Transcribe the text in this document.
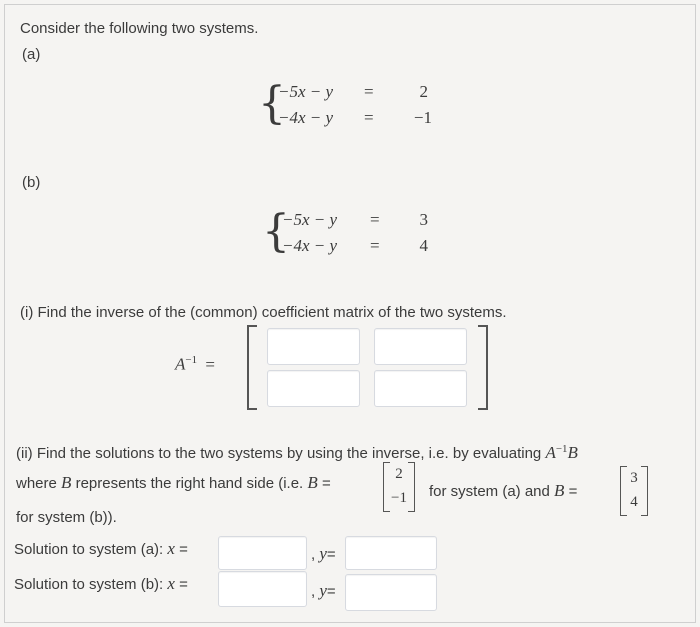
Consider the following two systems.
(a)
{
−5x − y =	2
−4x − y =	−1
(b)
{
−5x − y =	3
−4x − y =	4
(i) Find the inverse of the (common) coefficient matrix of the two systems.
$A^{-1}$ =
(ii) Find the solutions to the two systems by using the inverse, i.e. by evaluating $A^{-1}B$
where B represents the right hand side (i.e. B =
2
−1 for system (a) and B =
3
4
for system (b)).
Solution to system (a): x =	, y=
Solution to system (b): x =	, y=
